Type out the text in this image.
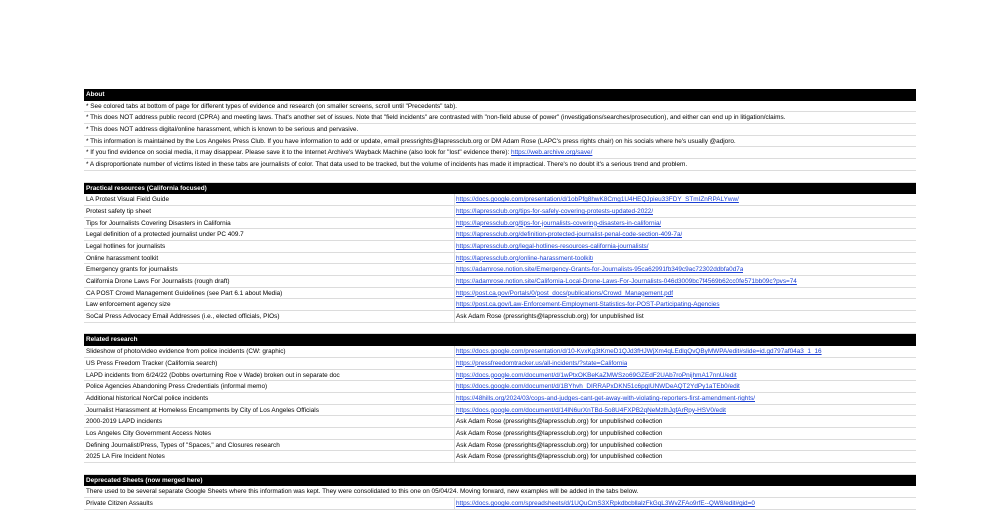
About
* See colored tabs at bottom of page for different types of evidence and research (on smaller screens, scroll until "Precedents" tab).
* This does NOT address public record (CPRA) and meeting laws. That's another set of issues. Note that "field incidents" are contrasted with "non-field abuse of power" (investigations/searches/prosecution), and either can end up in litigation/claims.
* This does NOT address digital/online harassment, which is known to be serious and pervasive.
* This information is maintained by the Los Angeles Press Club. If you have information to add or update, email pressrights@lapressclub.org or DM Adam Rose (LAPC's press rights chair) on his socials where he's usually @adjoro.
* If you find evidence on social media, it may disappear. Please save it to the Internet Archive's Wayback Machine (also look for "lost" evidence there): https://web.archive.org/save/
* A disproportionate number of victims listed in these tabs are journalists of color. That data used to be tracked, but the volume of incidents has made it impractical. There's no doubt it's a serious trend and problem.
Practical resources (California focused)
LA Protest Visual Field Guide	https://docs.google.com/presentation/d/1obPfg8hwK8Cmg1U4HEQJpieu33FDY_STmIZnRPALYww/
Protest safety tip sheet	https://lapressclub.org/tips-for-safely-covering-protests-updated-2022/
Tips for Journalists Covering Disasters in California	https://lapressclub.org/tips-for-journalists-covering-disasters-in-california/
Legal definition of a protected journalist under PC 409.7	https://lapressclub.org/definition-protected-journalist-penal-code-section-409-7a/
Legal hotlines for journalists	https://lapressclub.org/legal-hotlines-resources-california-journalists/
Online harassment toolkit	https://lapressclub.org/online-harassment-toolkit/
Emergency grants for journalists	https://adamrose.notion.site/Emergency-Grants-for-Journalists-95ca62991fb349c9ac72302ddbfa0d7a
California Drone Laws For Journalists (rough draft)	https://adamrose.notion.site/California-Local-Drone-Laws-For-Journalists-046d3009bc7f4569b62cc0fe571bb09c?pvs=74
CA POST Crowd Management Guidelines (see Part 6.1 about Media)	https://post.ca.gov/Portals/0/post_docs/publications/Crowd_Management.pdf
Law enforcement agency size	https://post.ca.gov/Law-Enforcement-Employment-Statistics-for-POST-Participating-Agencies
SoCal Press Advocacy Email Addresses (i.e., elected officials, PIOs)	Ask Adam Rose (pressrights@lapressclub.org) for unpublished list
Related research
Slideshow of photo/video evidence from police incidents (CW: graphic)	https://docs.google.com/presentation/d/10-KvxKg3tKmeD1QJd3fHJWjXm4qLEdlqQvQByMWPA/edit#slide=id.gd797af04a3_1_16
US Press Freedom Tracker (California search)	https://pressfreedomtracker.us/all-incidents/?state=California
LAPD incidents from 6/24/22 (Dobbs overturning Roe v Wade) broken out in separate doc	https://docs.google.com/document/d/1wPtxOKBeKaZMWSzo69GZEdF2UAb7roPnijhmA17nnU/edit
Police Agencies Abandoning Press Credentials (informal memo)	https://docs.google.com/document/d/1BYhvh_DIRRAPxDKN51c6pgIUNWDeAQT2YdPy1aTEb0/edit
Additional historical NorCal police incidents	https://48hills.org/2024/03/cops-and-judges-cant-get-away-with-violating-reporters-first-amendment-rights/
Journalist Harassment at Homeless Encampments by City of Los Angeles Officials	https://docs.google.com/document/d/14lN6urXnTBd-5o8U4FXPB2qNeMzlhJqfArRpy-HSV0/edit
2000-2019 LAPD incidents	Ask Adam Rose (pressrights@lapressclub.org) for unpublished collection
Los Angeles City Government Access Notes	Ask Adam Rose (pressrights@lapressclub.org) for unpublished collection
Defining Journalist/Press, Types of "Spaces," and Closures research	Ask Adam Rose (pressrights@lapressclub.org) for unpublished collection
2025 LA Fire Incident Notes	Ask Adam Rose (pressrights@lapressclub.org) for unpublished collection
Deprecated Sheets (now merged here)
There used to be several separate Google Sheets where this information was kept. They were consolidated to this one on 05/04/24. Moving forward, new examples will be added in the tabs below.
Private Citizen Assaults	https://docs.google.com/spreadsheets/d/1UQuCmS3XRpkdbcbllalzFkGqL3WvZFAo9rfE--QW8/edit#gid=0
